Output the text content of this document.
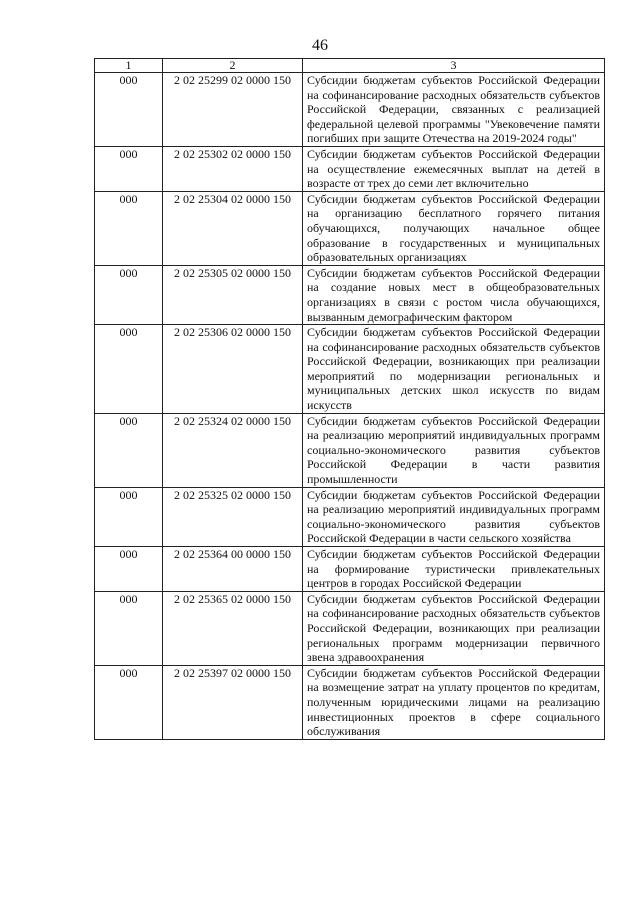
46
1	2	3
000	2 02 25299 02 0000 150	Субсидии бюджетам субъектов Российской Федерации на софинансирование расходных обязательств субъектов Российской Федерации, связанных с реализацией федеральной целевой программы "Увековечение памяти погибших при защите Отечества на 2019-2024 годы"
000	2 02 25302 02 0000 150	Субсидии бюджетам субъектов Российской Федерации на осуществление ежемесячных выплат на детей в возрасте от трех до семи лет включительно
000	2 02 25304 02 0000 150	Субсидии бюджетам субъектов Российской Федерации на организацию бесплатного горячего питания обучающихся, получающих начальное общее образование в государственных и муниципальных образовательных организациях
000	2 02 25305 02 0000 150	Субсидии бюджетам субъектов Российской Федерации на создание новых мест в общеобразовательных организациях в связи с ростом числа обучающихся, вызванным демографическим фактором
000	2 02 25306 02 0000 150	Субсидии бюджетам субъектов Российской Федерации на софинансирование расходных обязательств субъектов Российской Федерации, возникающих при реализации мероприятий по модернизации региональных и муниципальных детских школ искусств по видам искусств
000	2 02 25324 02 0000 150	Субсидии бюджетам субъектов Российской Федерации на реализацию мероприятий индивидуальных программ социально-экономического развития субъектов Российской Федерации в части развития промышленности
000	2 02 25325 02 0000 150	Субсидии бюджетам субъектов Российской Федерации на реализацию мероприятий индивидуальных программ социально-экономического развития субъектов Российской Федерации в части сельского хозяйства
000	2 02 25364 00 0000 150	Субсидии бюджетам субъектов Российской Федерации на формирование туристически привлекательных центров в городах Российской Федерации
000	2 02 25365 02 0000 150	Субсидии бюджетам субъектов Российской Федерации на софинансирование расходных обязательств субъектов Российской Федерации, возникающих при реализации региональных программ модернизации первичного звена здравоохранения
000	2 02 25397 02 0000 150	Субсидии бюджетам субъектов Российской Федерации на возмещение затрат на уплату процентов по кредитам, полученным юридическими лицами на реализацию инвестиционных проектов в сфере социального обслуживания
